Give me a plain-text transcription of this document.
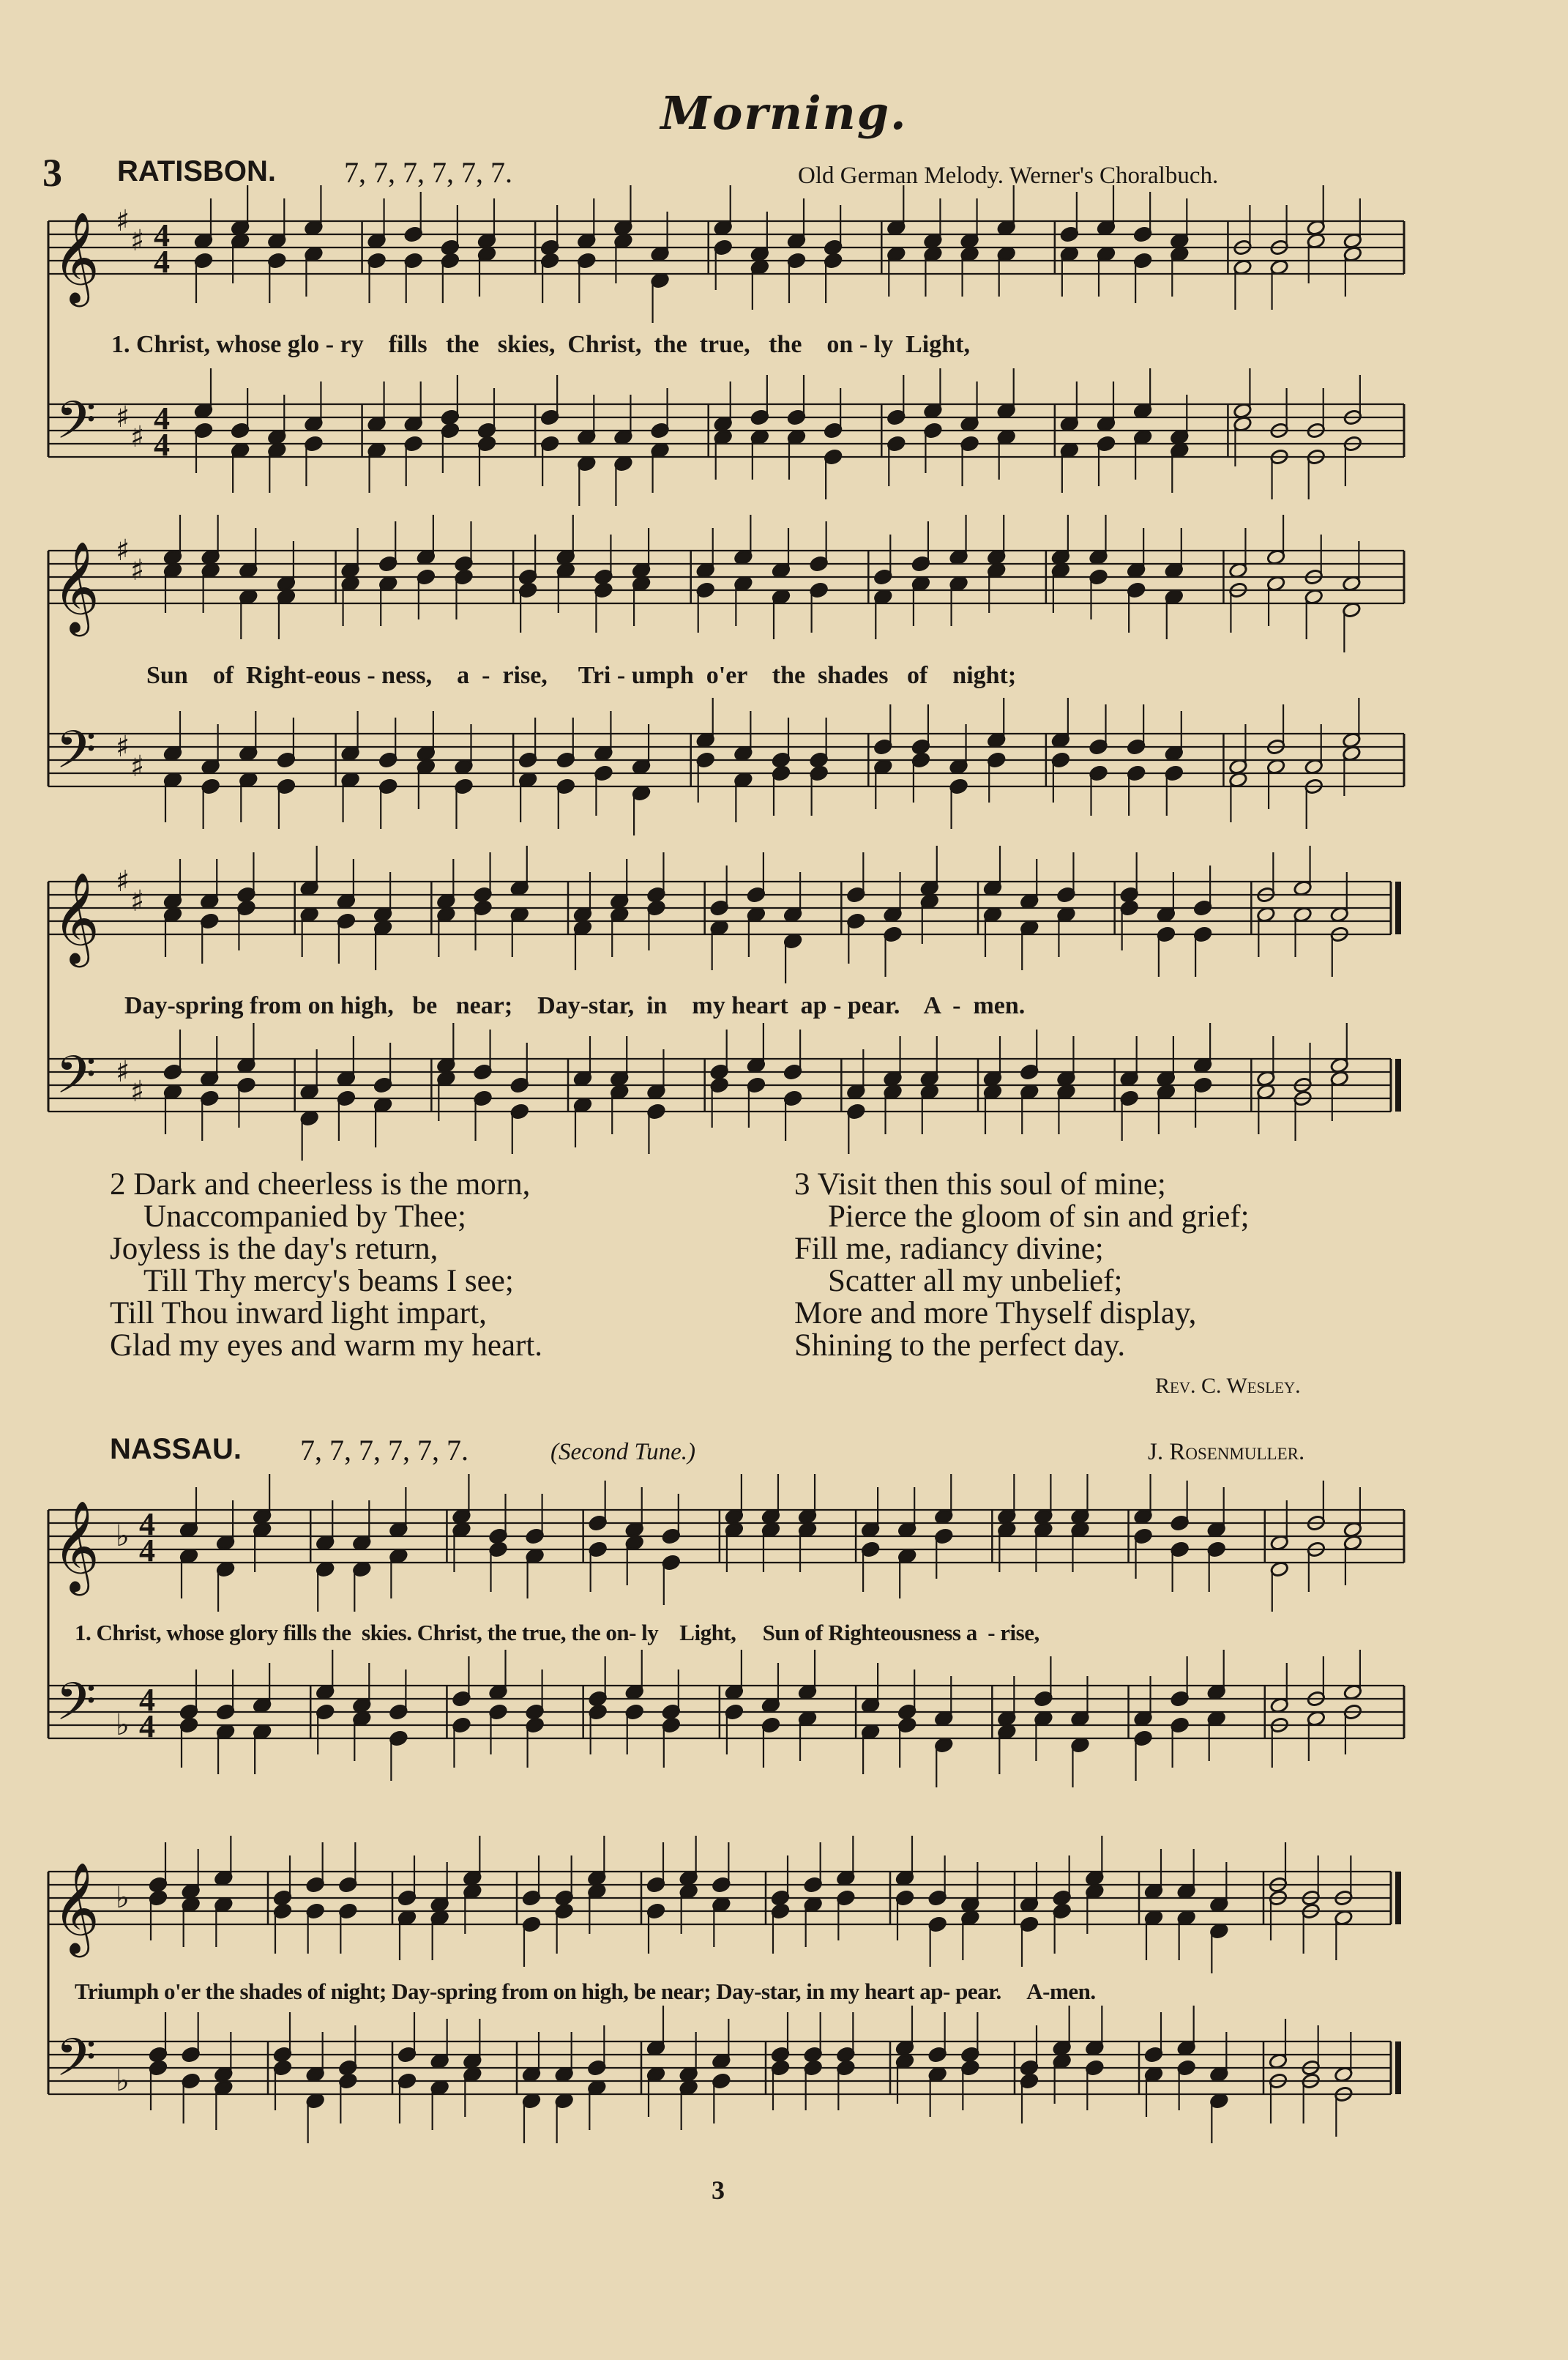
Morning.
3 RATISBON. 7, 7, 7, 7, 7, 7.	Old German Melody. Werner's Choralbuch.
𝄞
𝄢
♯
♯
♯
♯
4
4
4
4
𝄞
𝄢
♯
♯
♯
♯
𝄞
𝄢
♯
♯
♯
♯
𝄞
𝄢
♭
♭
4
4
4
4
𝄞
𝄢
♭
♭
1. Christ, whose glo - ry    fills   the   skies,  Christ,  the  true,   the    on - ly  Light,
Sun    of  Right-eous - ness,    a  -  rise,     Tri - umph  o'er    the  shades   of    night;
Day-spring from on high,   be   near;    Day-star,  in    my heart  ap - pear.    A  -  men.
2 Dark and cheerless is the morn,
Unaccompanied by Thee;
Joyless is the day's return,
Till Thy mercy's beams I see;
Till Thou inward light impart,
Glad my eyes and warm my heart.
3 Visit then this soul of mine;
Pierce the gloom of sin and grief;
Fill me, radiancy divine;
Scatter all my unbelief;
More and more Thyself display,
Shining to the perfect day.
Rev. C. Wesley.
NASSAU. 7, 7, 7, 7, 7, 7.	(Second Tune.)	J. Rosenmuller.
1. Christ, whose glory fills the  skies. Christ, the true, the on- ly    Light,     Sun of Righteousness a  - rise,
Triumph o'er the shades of night; Day-spring from on high, be near; Day-star, in my heart ap- pear.     A-men.
3
